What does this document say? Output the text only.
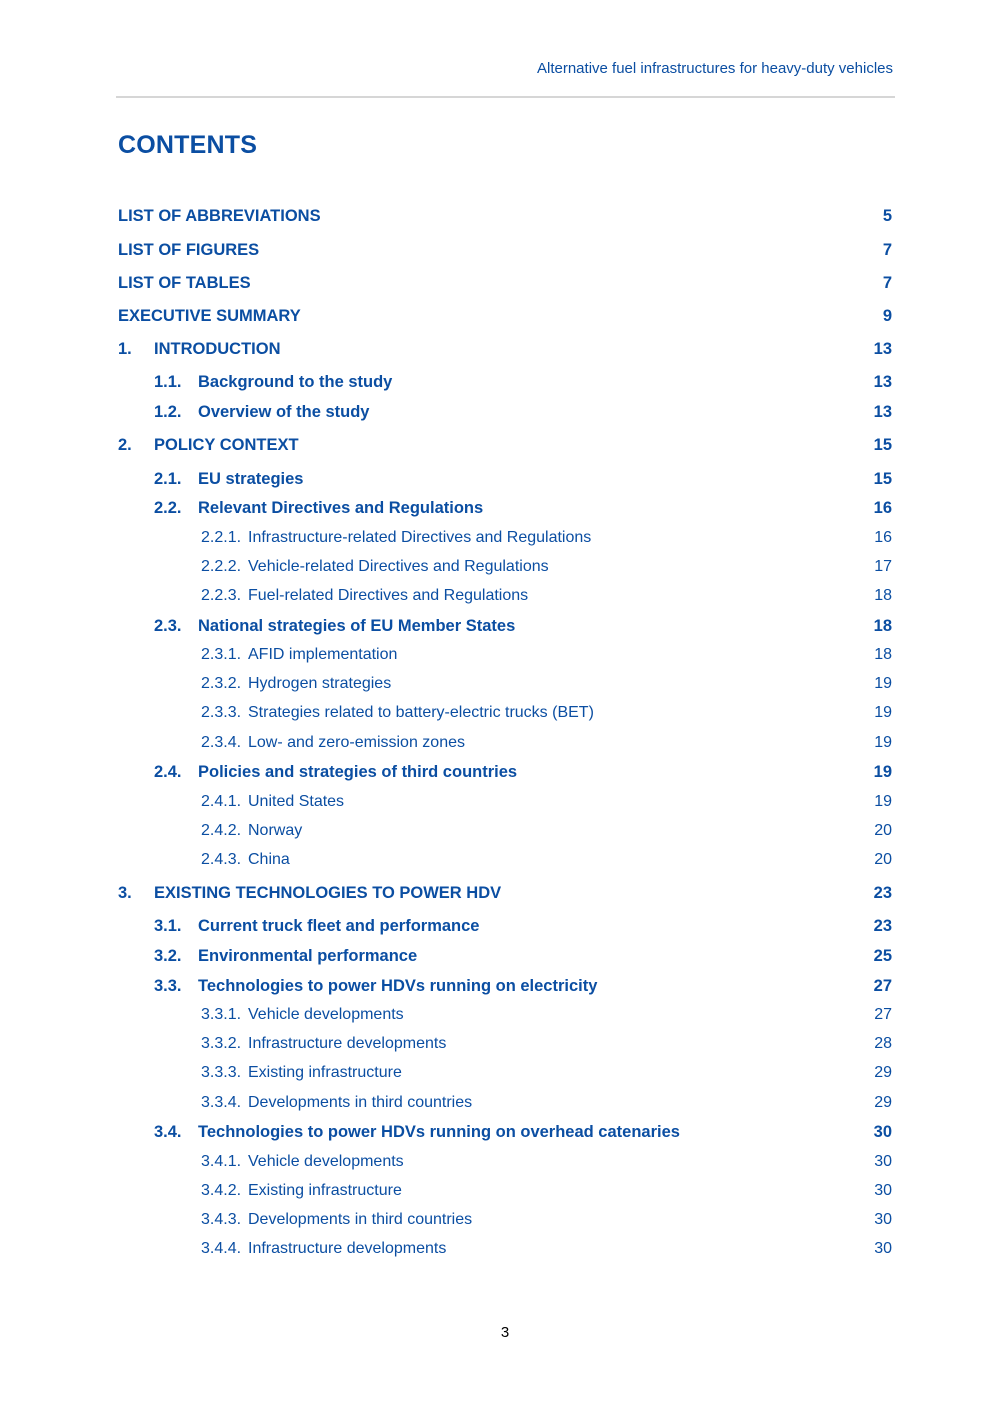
Alternative fuel infrastructures for heavy-duty vehicles
CONTENTS
LIST OF ABBREVIATIONS	5
LIST OF FIGURES	7
LIST OF TABLES	7
EXECUTIVE SUMMARY	9
1. INTRODUCTION	13
1.1. Background to the study	13
1.2. Overview of the study	13
2. POLICY CONTEXT	15
2.1. EU strategies	15
2.2. Relevant Directives and Regulations	16
2.2.1. Infrastructure-related Directives and Regulations	16
2.2.2. Vehicle-related Directives and Regulations	17
2.2.3. Fuel-related Directives and Regulations	18
2.3. National strategies of EU Member States	18
2.3.1. AFID implementation	18
2.3.2. Hydrogen strategies	19
2.3.3. Strategies related to battery-electric trucks (BET)	19
2.3.4. Low- and zero-emission zones	19
2.4. Policies and strategies of third countries	19
2.4.1. United States	19
2.4.2. Norway	20
2.4.3. China	20
3. EXISTING TECHNOLOGIES TO POWER HDV	23
3.1. Current truck fleet and performance	23
3.2. Environmental performance	25
3.3. Technologies to power HDVs running on electricity	27
3.3.1. Vehicle developments	27
3.3.2. Infrastructure developments	28
3.3.3. Existing infrastructure	29
3.3.4. Developments in third countries	29
3.4. Technologies to power HDVs running on overhead catenaries	30
3.4.1. Vehicle developments	30
3.4.2. Existing infrastructure	30
3.4.3. Developments in third countries	30
3.4.4. Infrastructure developments	30
3
